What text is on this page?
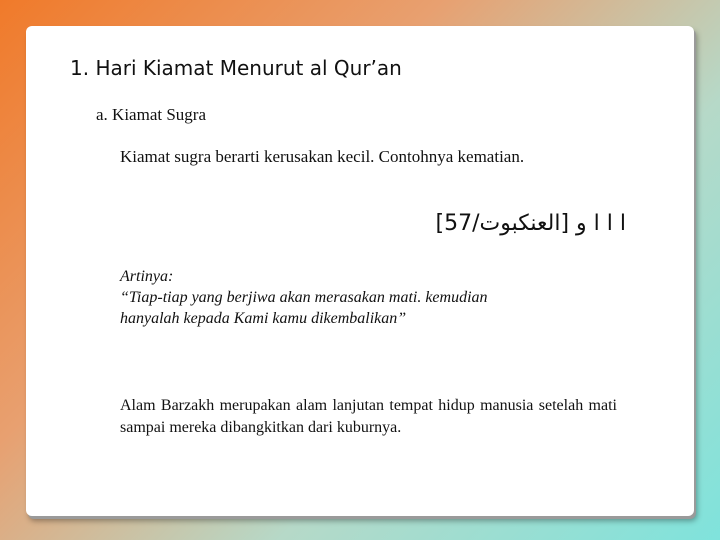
1. Hari Kiamat Menurut al Qur’an
a. Kiamat Sugra
Kiamat sugra berarti kerusakan kecil. Contohnya kematian.
ا ا ا و [العنكبوت/57]
Artinya:
“Tiap-tiap yang berjiwa akan merasakan mati. kemudian
hanyalah kepada Kami kamu dikembalikan”
Alam Barzakh merupakan alam lanjutan tempat hidup manusia setelah mati sampai mereka dibangkitkan dari kuburnya.
